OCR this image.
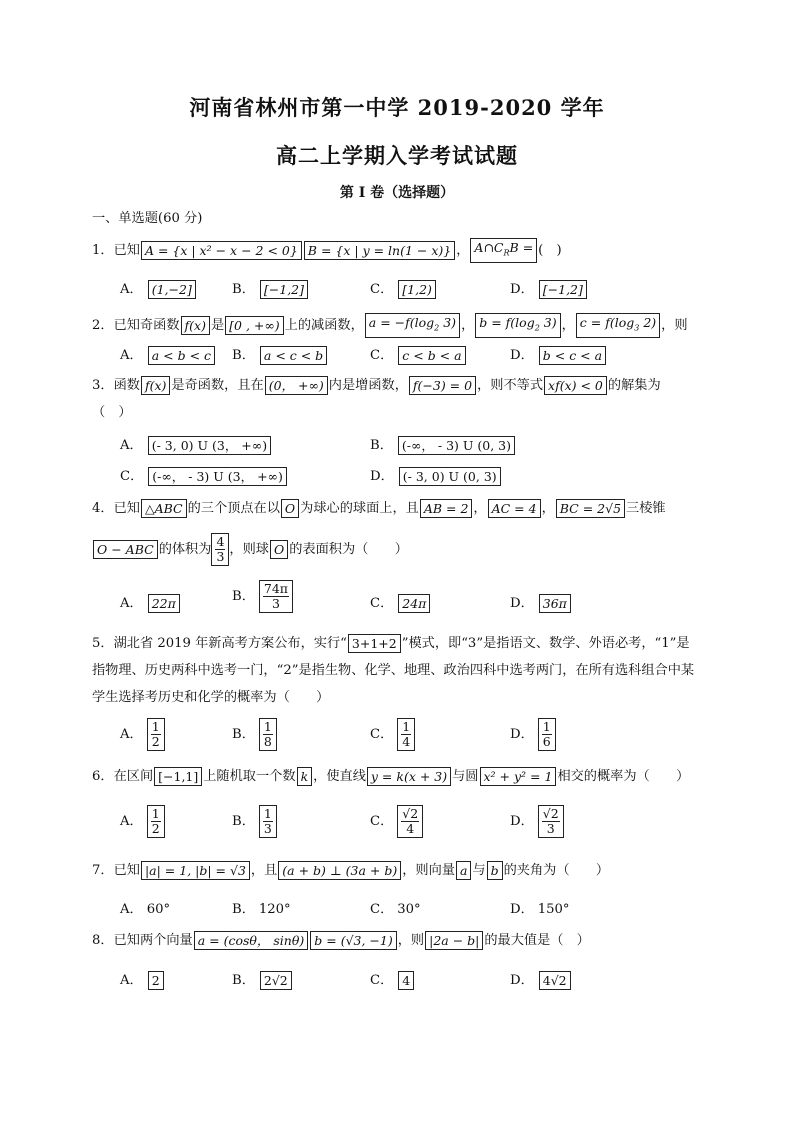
河南省林州市第一中学 2019-2020 学年
高二上学期入学考试试题
第 I 卷（选择题）
一、单选题(60 分)
1．已知 A = {x | x² − x − 2 < 0} B = {x | y = ln(1 − x)} ， $A\cap C_RB$ = (　)
A． (1,−2]	B． [−1,2]	C． [1,2)	D． [−1,2]
2．已知奇函数 f(x) 是 [0 , +∞) 上的减函数， $a = -f(\log_2$ 3) ， $b = f(\log_2$ 3) ， $c = f(\log_3$ 2) ，则
A． a < b < c	B． a < c < b	C． c < b < a	D． b < c < a
3．函数 f(x) 是奇函数，且在 (0， +∞) 内是增函数， f(−3) = 0 ，则不等式 xf(x) < 0 的解集为
（　）
A． (- 3, 0) U (3， +∞)	B． (-∞， - 3) U (0, 3)
C． (-∞， - 3) U (3， +∞)	D． (- 3, 0) U (0, 3)
4．已知 △ABC 的三个顶点在以 O 为球心的球面上，且 AB = 2 ， AC = 4 ， BC = 2√5 三棱锥
O − ABC 的体积为 $\frac{4}{3}$ ，则球 O 的表面积为（　　）
A． 22π	B． $\frac{74\pi}{3}$	C． 24π	D． 36π
5．湖北省 2019 年新高考方案公布，实行“ 3+1+2 ”模式，即“3”是指语文、数学、外语必考，“1”是指物理、历史两科中选考一门，“2”是指生物、化学、地理、政治四科中选考两门，在所有选科组合中某学生选择考历史和化学的概率为（　　）
A． $\frac{1}{2}$	B． $\frac{1}{8}$	C． $\frac{1}{4}$	D． $\frac{1}{6}$
6．在区间 [−1,1] 上随机取一个数 k ，使直线 y = k(x + 3) 与圆 x² + y² = 1 相交的概率为（　　）
A． $\frac{1}{2}$	B． $\frac{1}{3}$	C． $\frac{√2}{4}$	D． $\frac{√2}{3}$
7．已知 |a| = 1, |b| = √3 ，且 (a + b) ⊥ (3a + b) ，则向量 a 与 b 的夹角为（　　）
A． 60°	B． 120°	C． 30°	D． 150°
8．已知两个向量 a = (cosθ， sinθ) b = (√3, −1) ，则 |2a − b| 的最大值是（　）
A． 2	B． 2√2	C． 4	D． 4√2
